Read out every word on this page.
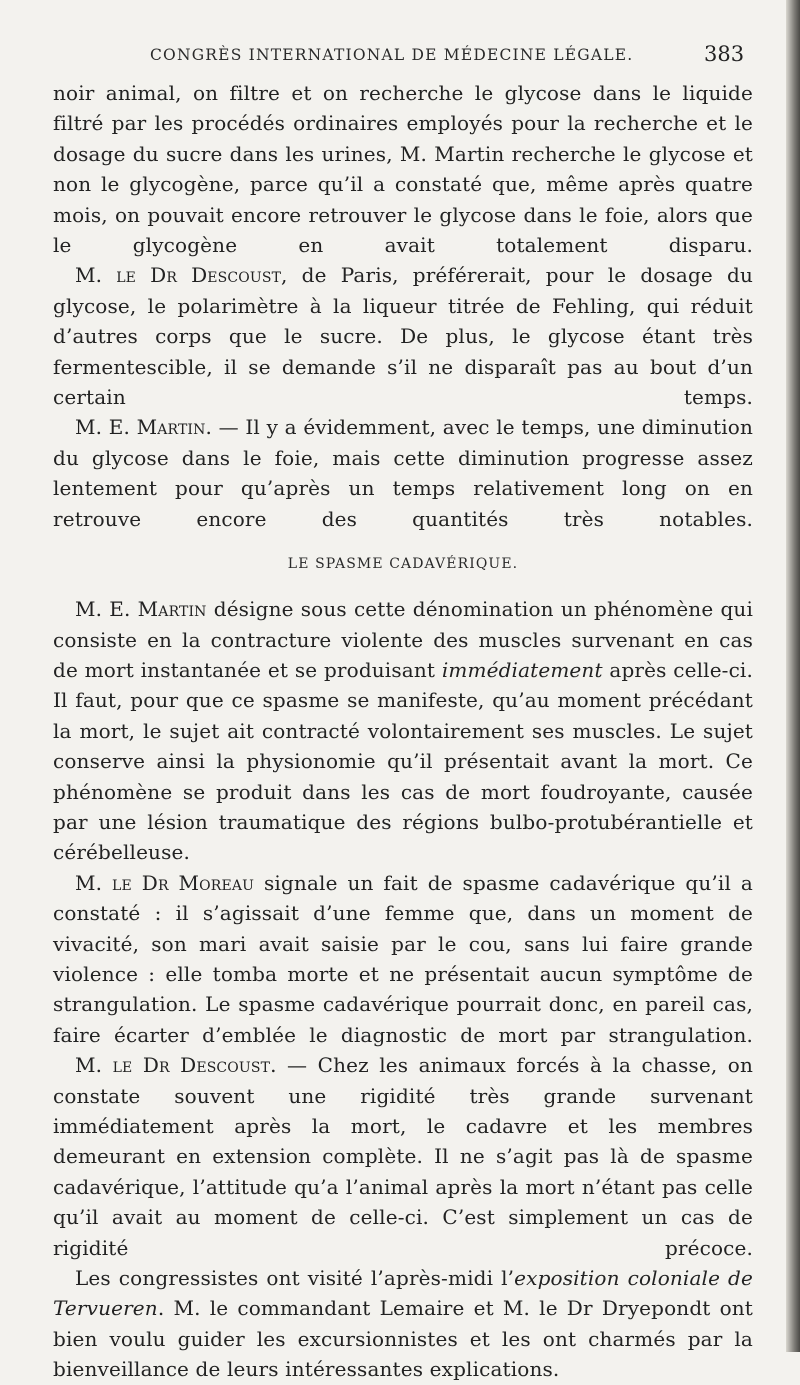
CONGRÈS INTERNATIONAL DE MÉDECINE LÉGALE.	383

noir animal, on filtre et on recherche le glycose dans le liquide filtré par les procédés ordinaires employés pour la recherche et le dosage du sucre dans les urines, M. Martin recherche le glycose et non le glycogène, parce qu’il a constaté que, même après quatre mois, on pouvait encore retrouver le glycose dans le foie, alors que le glycogène en avait totalement disparu.

M. le Dr Descoust, de Paris, préférerait, pour le dosage du glycose, le polarimètre à la liqueur titrée de Fehling, qui réduit d’autres corps que le sucre. De plus, le glycose étant très fermentescible, il se demande s’il ne disparaît pas au bout d’un certain temps.

M. E. Martin. — Il y a évidemment, avec le temps, une diminution du glycose dans le foie, mais cette diminution progresse assez lentement pour qu’après un temps relativement long on en retrouve encore des quantités très notables.

LE SPASME CADAVÉRIQUE.

M. E. Martin désigne sous cette dénomination un phénomène qui consiste en la contracture violente des muscles survenant en cas de mort instantanée et se produisant immédiatement après celle-ci. Il faut, pour que ce spasme se manifeste, qu’au moment précédant la mort, le sujet ait contracté volontairement ses muscles. Le sujet conserve ainsi la physionomie qu’il présentait avant la mort. Ce phénomène se produit dans les cas de mort foudroyante, causée par une lésion traumatique des régions bulbo-protubérantielle et cérébelleuse.

M. le Dr Moreau signale un fait de spasme cadavérique qu’il a constaté : il s’agissait d’une femme que, dans un moment de vivacité, son mari avait saisie par le cou, sans lui faire grande violence : elle tomba morte et ne présentait aucun symptôme de strangulation. Le spasme cadavérique pourrait donc, en pareil cas, faire écarter d’emblée le diagnostic de mort par strangulation.

M. le Dr Descoust. — Chez les animaux forcés à la chasse, on constate souvent une rigidité très grande survenant immédiatement après la mort, le cadavre et les membres demeurant en extension complète. Il ne s’agit pas là de spasme cadavérique, l’attitude qu’a l’animal après la mort n’étant pas celle qu’il avait au moment de celle-ci. C’est simplement un cas de rigidité précoce.

Les congressistes ont visité l’après-midi l’exposition coloniale de Tervueren. M. le commandant Lemaire et M. le Dr Dryepondt ont bien voulu guider les excursionnistes et les ont charmés par la bienveillance de leurs intéressantes explications.
